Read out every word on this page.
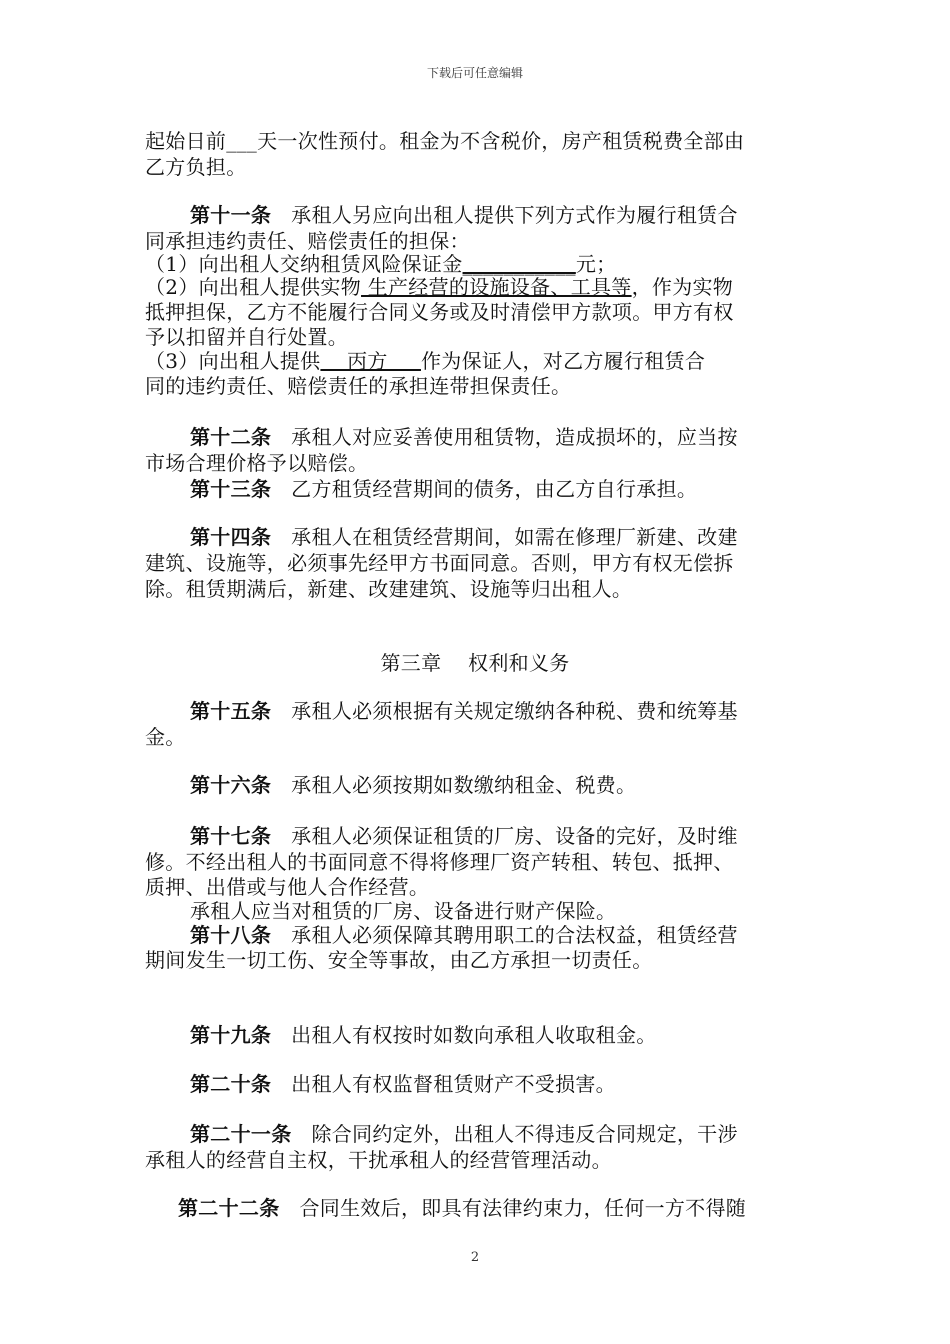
下载后可任意编辑
起始日前___天一次性预付。租金为不含税价，房产租赁税费全部由
乙方负担。
第十一条   承租人另应向出租人提供下列方式作为履行租赁合
同承担违约责任、赔偿责任的担保：
（1）向出租人交纳租赁风险保证金___________元；
（2）向出租人提供实物 生产经营的设施设备、工具等，作为实物
抵押担保，乙方不能履行合同义务或及时清偿甲方款项。甲方有权
予以扣留并自行处置。
（3）向出租人提供    丙方     作为保证人，对乙方履行租赁合
同的违约责任、赔偿责任的承担连带担保责任。
第十二条   承租人对应妥善使用租赁物，造成损坏的，应当按
市场合理价格予以赔偿。
第十三条   乙方租赁经营期间的债务，由乙方自行承担。
第十四条   承租人在租赁经营期间，如需在修理厂新建、改建
建筑、设施等，必须事先经甲方书面同意。否则，甲方有权无偿拆
除。租赁期满后，新建、改建建筑、设施等归出租人。
第三章    权利和义务
第十五条   承租人必须根据有关规定缴纳各种税、费和统筹基
金。
第十六条   承租人必须按期如数缴纳租金、税费。
第十七条   承租人必须保证租赁的厂房、设备的完好，及时维
修。不经出租人的书面同意不得将修理厂资产转租、转包、抵押、
质押、出借或与他人合作经营。
承租人应当对租赁的厂房、设备进行财产保险。
第十八条   承租人必须保障其聘用职工的合法权益，租赁经营
期间发生一切工伤、安全等事故，由乙方承担一切责任。
第十九条   出租人有权按时如数向承租人收取租金。
第二十条   出租人有权监督租赁财产不受损害。
第二十一条   除合同约定外，出租人不得违反合同规定，干涉
承租人的经营自主权，干扰承租人的经营管理活动。
第二十二条   合同生效后，即具有法律约束力，任何一方不得随
2
